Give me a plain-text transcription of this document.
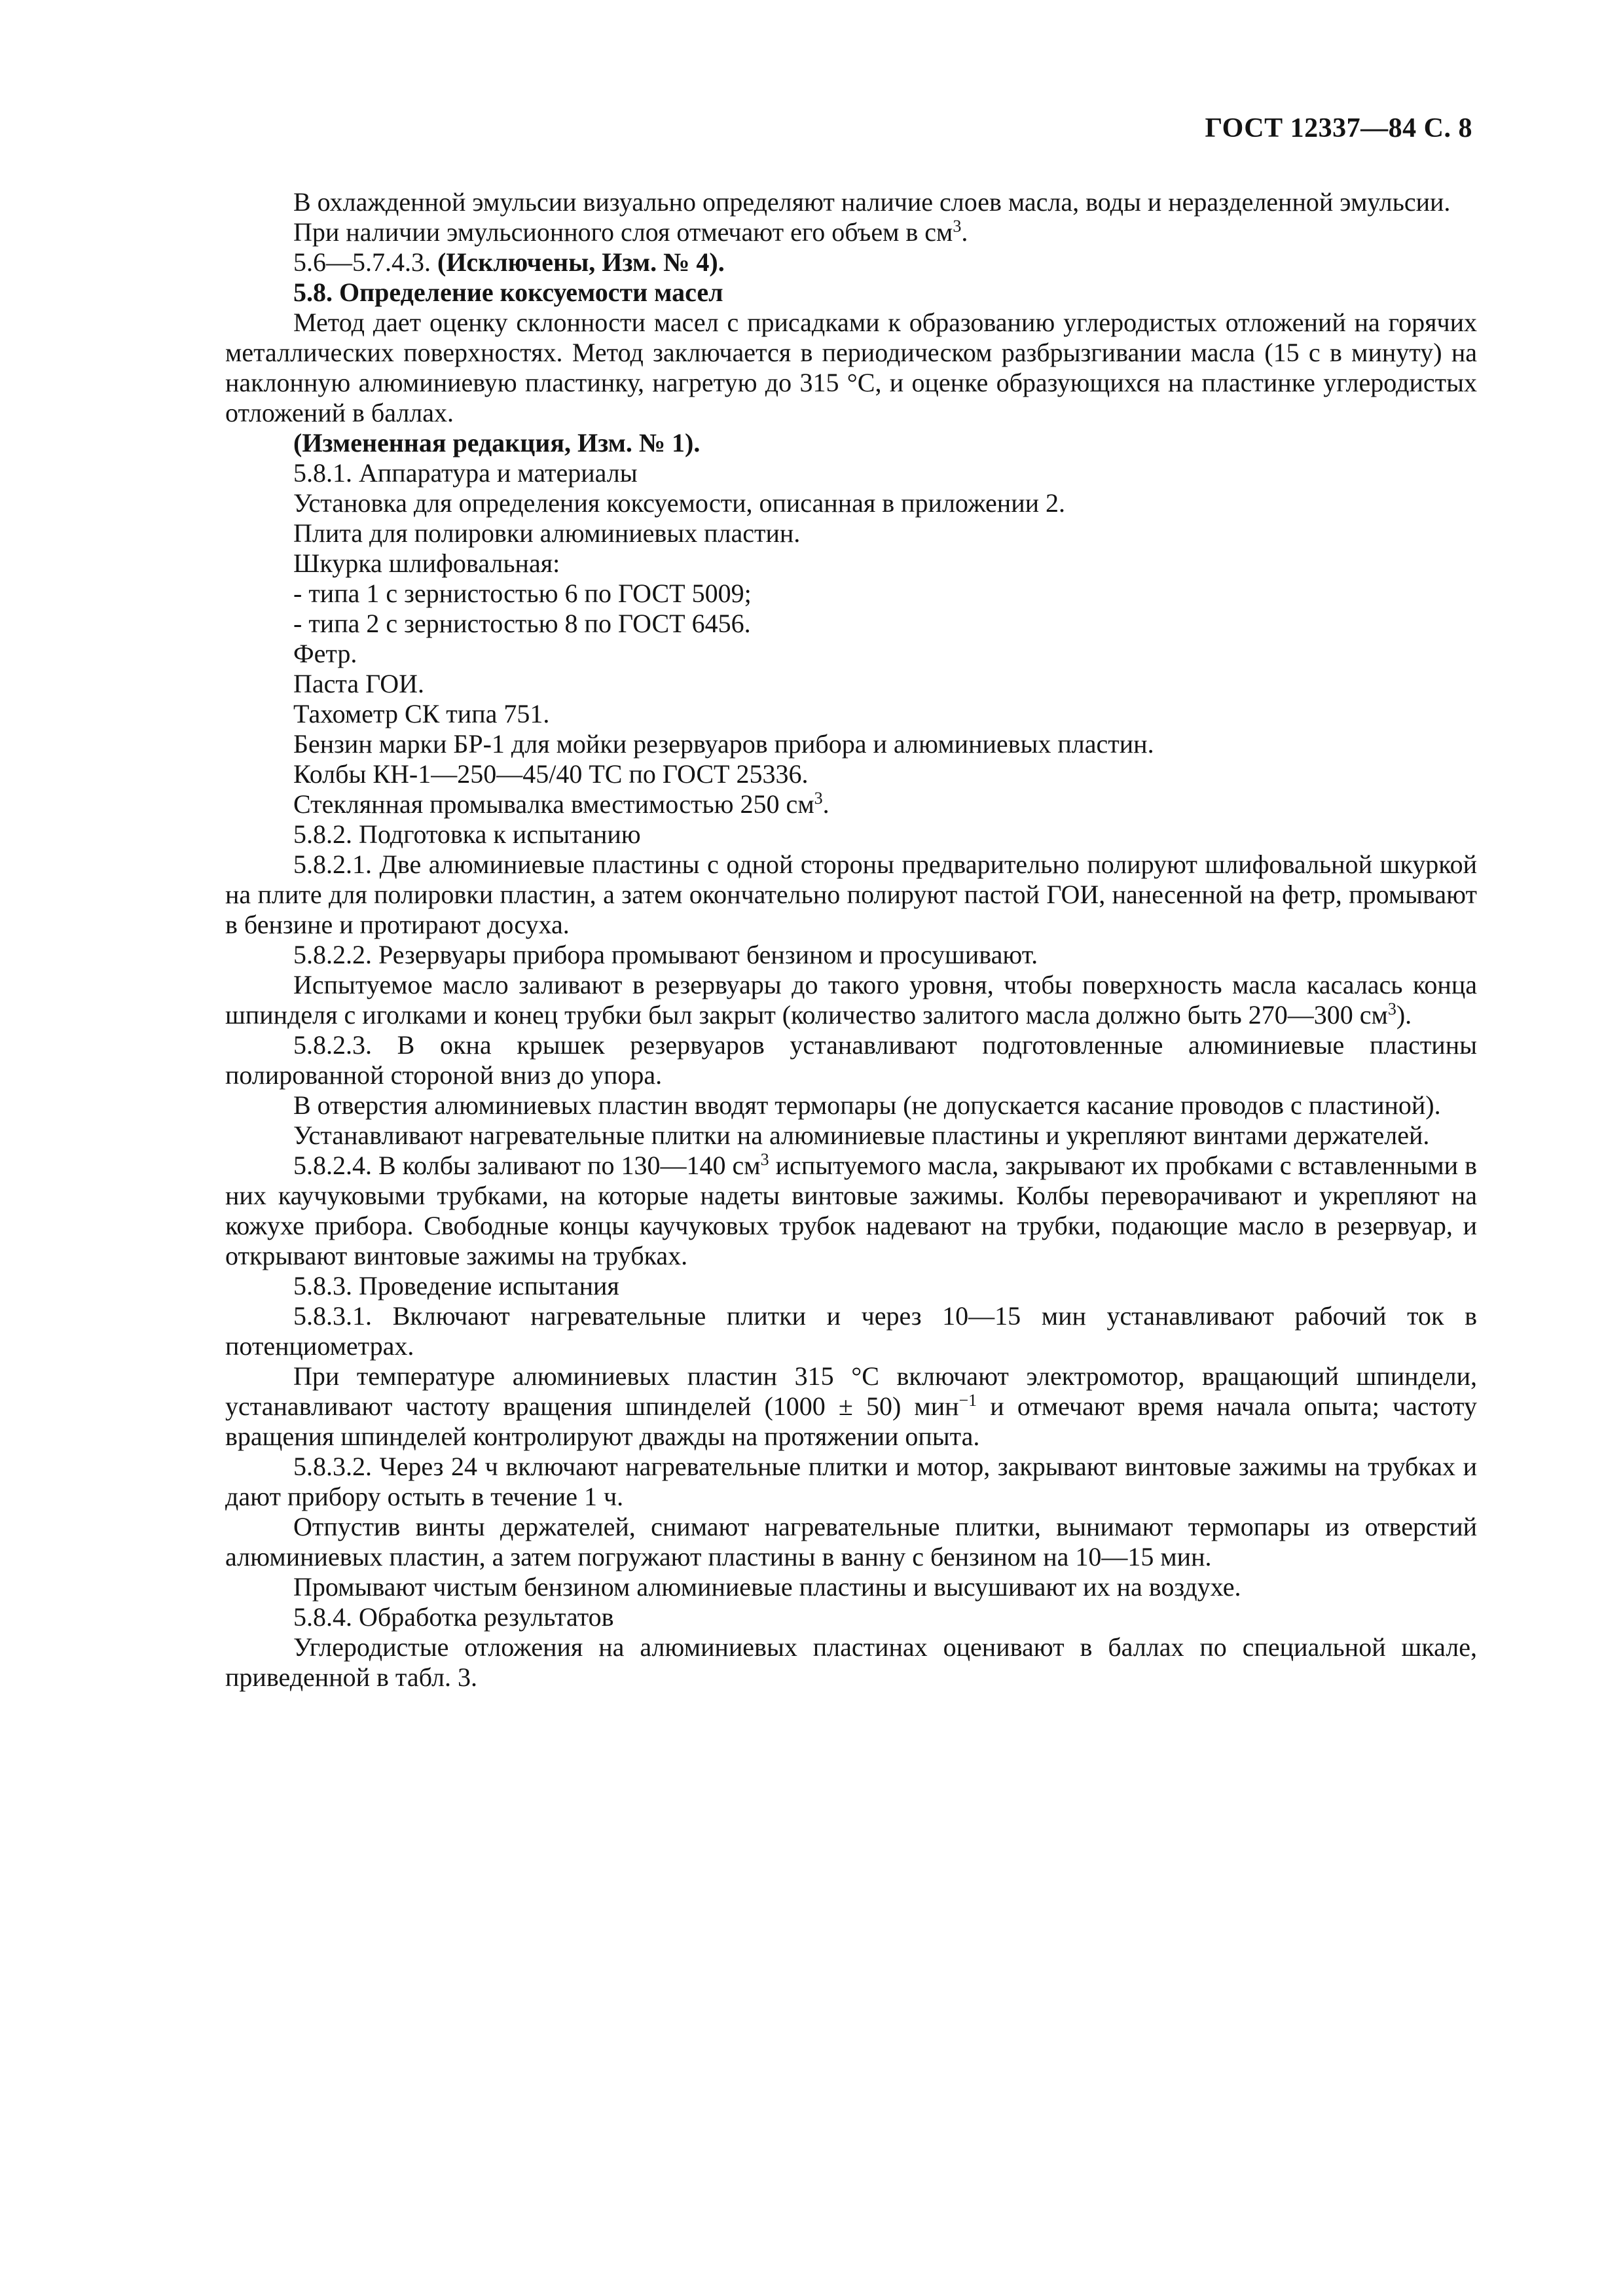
ГОСТ 12337—84 С. 8

В охлажденной эмульсии визуально определяют наличие слоев масла, воды и неразделенной эмульсии.

При наличии эмульсионного слоя отмечают его объем в $см^3$.

5.6—5.7.4.3. (Исключены, Изм. № 4).

5.8. Определение коксуемости масел

Метод дает оценку склонности масел с присадками к образованию углеродистых отложений на горячих металлических поверхностях. Метод заключается в периодическом разбрызгивании масла (15 с в минуту) на наклонную алюминиевую пластинку, нагретую до 315 °С, и оценке образующихся на пластинке углеродистых отложений в баллах.

(Измененная редакция, Изм. № 1).

5.8.1. Аппаратура и материалы

Установка для определения коксуемости, описанная в приложении 2.

Плита для полировки алюминиевых пластин.

Шкурка шлифовальная:

- типа 1 с зернистостью 6 по ГОСТ 5009;

- типа 2 с зернистостью 8 по ГОСТ 6456.

Фетр.

Паста ГОИ.

Тахометр СК типа 751.

Бензин марки БР-1 для мойки резервуаров прибора и алюминиевых пластин.

Колбы КН-1—250—45/40 ТС по ГОСТ 25336.

Стеклянная промывалка вместимостью 250 $см^3$.

5.8.2. Подготовка к испытанию

5.8.2.1. Две алюминиевые пластины с одной стороны предварительно полируют шлифовальной шкуркой на плите для полировки пластин, а затем окончательно полируют пастой ГОИ, нанесенной на фетр, промывают в бензине и протирают досуха.

5.8.2.2. Резервуары прибора промывают бензином и просушивают.

Испытуемое масло заливают в резервуары до такого уровня, чтобы поверхность масла касалась конца шпинделя с иголками и конец трубки был закрыт (количество залитого масла должно быть 270—300 $см^3$).

5.8.2.3. В окна крышек резервуаров устанавливают подготовленные алюминиевые пластины полированной стороной вниз до упора.

В отверстия алюминиевых пластин вводят термопары (не допускается касание проводов с пластиной).

Устанавливают нагревательные плитки на алюминиевые пластины и укрепляют винтами держателей.

5.8.2.4. В колбы заливают по 130—140 $см^3$ испытуемого масла, закрывают их пробками с вставленными в них каучуковыми трубками, на которые надеты винтовые зажимы. Колбы переворачивают и укрепляют на кожухе прибора. Свободные концы каучуковых трубок надевают на трубки, подающие масло в резервуар, и открывают винтовые зажимы на трубках.

5.8.3. Проведение испытания

5.8.3.1. Включают нагревательные плитки и через 10—15 мин устанавливают рабочий ток в потенциометрах.

При температуре алюминиевых пластин 315 °С включают электромотор, вращающий шпиндели, устанавливают частоту вращения шпинделей (1000 ± 50) мин$^{-1}$ и отмечают время начала опыта; частоту вращения шпинделей контролируют дважды на протяжении опыта.

5.8.3.2. Через 24 ч включают нагревательные плитки и мотор, закрывают винтовые зажимы на трубках и дают прибору остыть в течение 1 ч.

Отпустив винты держателей, снимают нагревательные плитки, вынимают термопары из отверстий алюминиевых пластин, а затем погружают пластины в ванну с бензином на 10—15 мин.

Промывают чистым бензином алюминиевые пластины и высушивают их на воздухе.

5.8.4. Обработка результатов

Углеродистые отложения на алюминиевых пластинах оценивают в баллах по специальной шкале, приведенной в табл. 3.
